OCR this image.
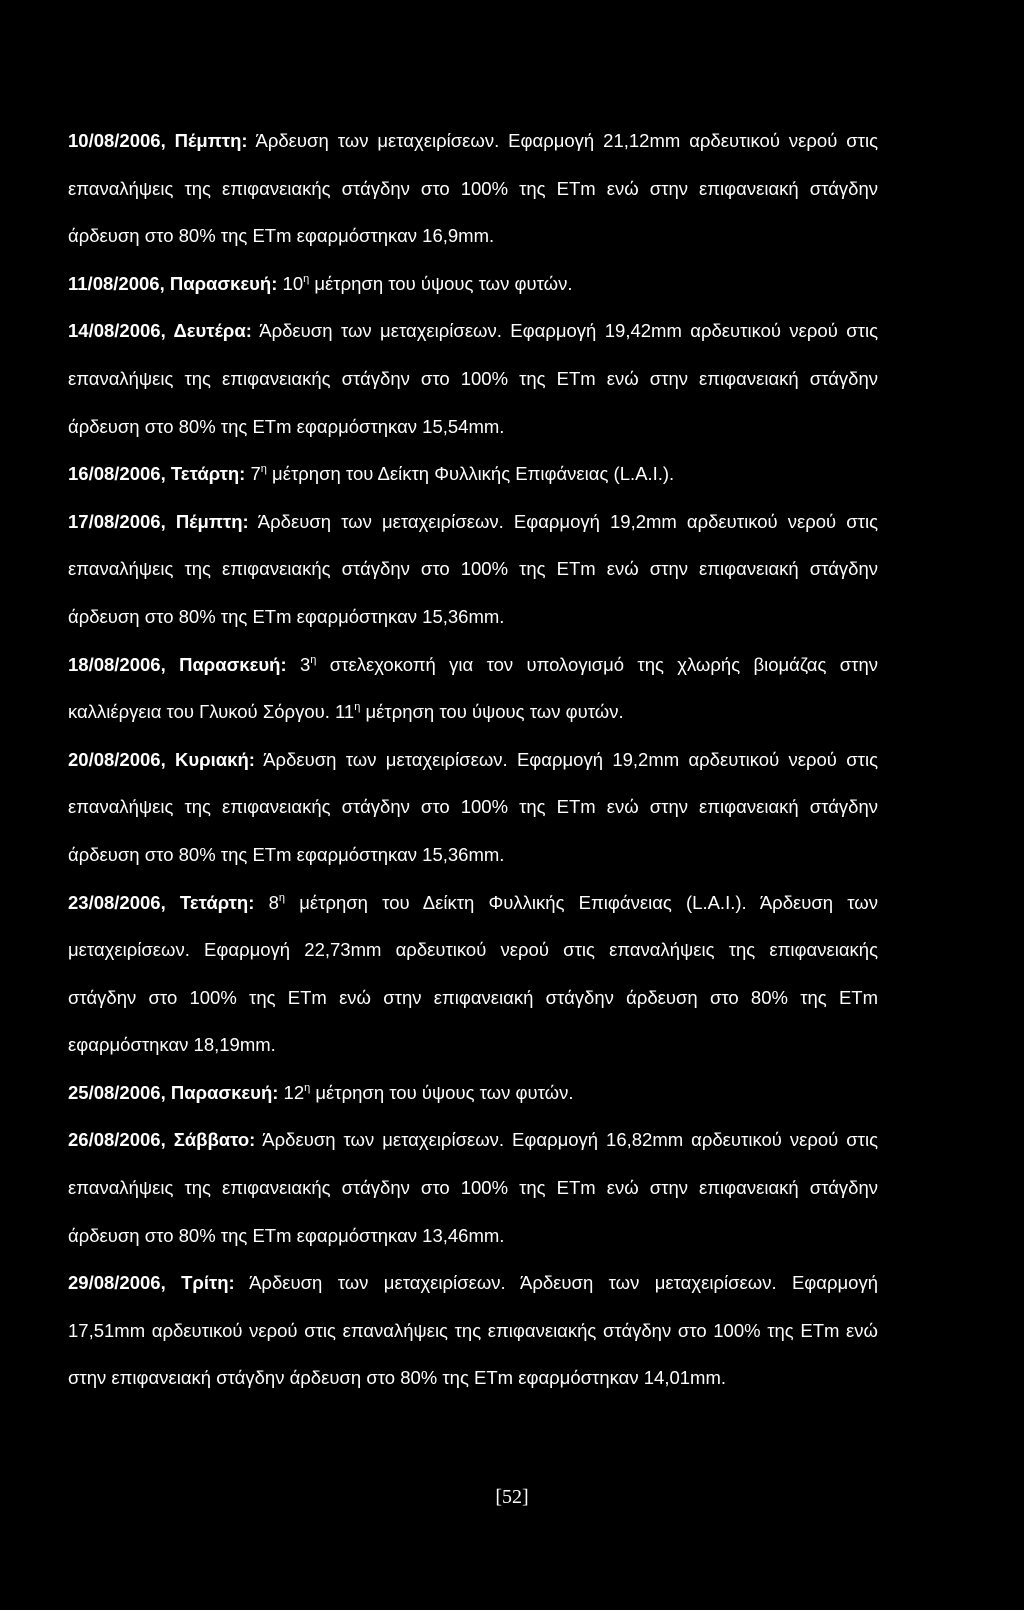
10/08/2006, Πέμπτη: Άρδευση των μεταχειρίσεων. Εφαρμογή 21,12mm αρδευτικού νερού στις επαναλήψεις της επιφανειακής στάγδην στο 100% της ETm ενώ στην επιφανειακή στάγδην άρδευση στο 80% της ETm εφαρμόστηκαν 16,9mm.

11/08/2006, Παρασκευή: $10^\eta$ μέτρηση του ύψους των φυτών.

14/08/2006, Δευτέρα: Άρδευση των μεταχειρίσεων. Εφαρμογή 19,42mm αρδευτικού νερού στις επαναλήψεις της επιφανειακής στάγδην στο 100% της ETm ενώ στην επιφανειακή στάγδην άρδευση στο 80% της ETm εφαρμόστηκαν 15,54mm.

16/08/2006, Τετάρτη: $7^\eta$ μέτρηση του Δείκτη Φυλλικής Επιφάνειας (L.A.I.).

17/08/2006, Πέμπτη: Άρδευση των μεταχειρίσεων. Εφαρμογή 19,2mm αρδευτικού νερού στις επαναλήψεις της επιφανειακής στάγδην στο 100% της ETm ενώ στην επιφανειακή στάγδην άρδευση στο 80% της ETm εφαρμόστηκαν 15,36mm.

18/08/2006, Παρασκευή: $3^\eta$ στελεχοκοπή για τον υπολογισμό της χλωρής βιομάζας στην καλλιέργεια του Γλυκού Σόργου. $11^\eta$ μέτρηση του ύψους των φυτών.

20/08/2006, Κυριακή: Άρδευση των μεταχειρίσεων. Εφαρμογή 19,2mm αρδευτικού νερού στις επαναλήψεις της επιφανειακής στάγδην στο 100% της ETm ενώ στην επιφανειακή στάγδην άρδευση στο 80% της ETm εφαρμόστηκαν 15,36mm.

23/08/2006, Τετάρτη: $8^\eta$ μέτρηση του Δείκτη Φυλλικής Επιφάνειας (L.A.I.). Άρδευση των μεταχειρίσεων. Εφαρμογή 22,73mm αρδευτικού νερού στις επαναλήψεις της επιφανειακής στάγδην στο 100% της ETm ενώ στην επιφανειακή στάγδην άρδευση στο 80% της ETm εφαρμόστηκαν 18,19mm.

25/08/2006, Παρασκευή: $12^\eta$ μέτρηση του ύψους των φυτών.

26/08/2006, Σάββατο: Άρδευση των μεταχειρίσεων. Εφαρμογή 16,82mm αρδευτικού νερού στις επαναλήψεις της επιφανειακής στάγδην στο 100% της ETm ενώ στην επιφανειακή στάγδην άρδευση στο 80% της ETm εφαρμόστηκαν 13,46mm.

29/08/2006, Τρίτη: Άρδευση των μεταχειρίσεων. Άρδευση των μεταχειρίσεων. Εφαρμογή 17,51mm αρδευτικού νερού στις επαναλήψεις της επιφανειακής στάγδην στο 100% της ETm ενώ στην επιφανειακή στάγδην άρδευση στο 80% της ETm εφαρμόστηκαν 14,01mm.

[52]
